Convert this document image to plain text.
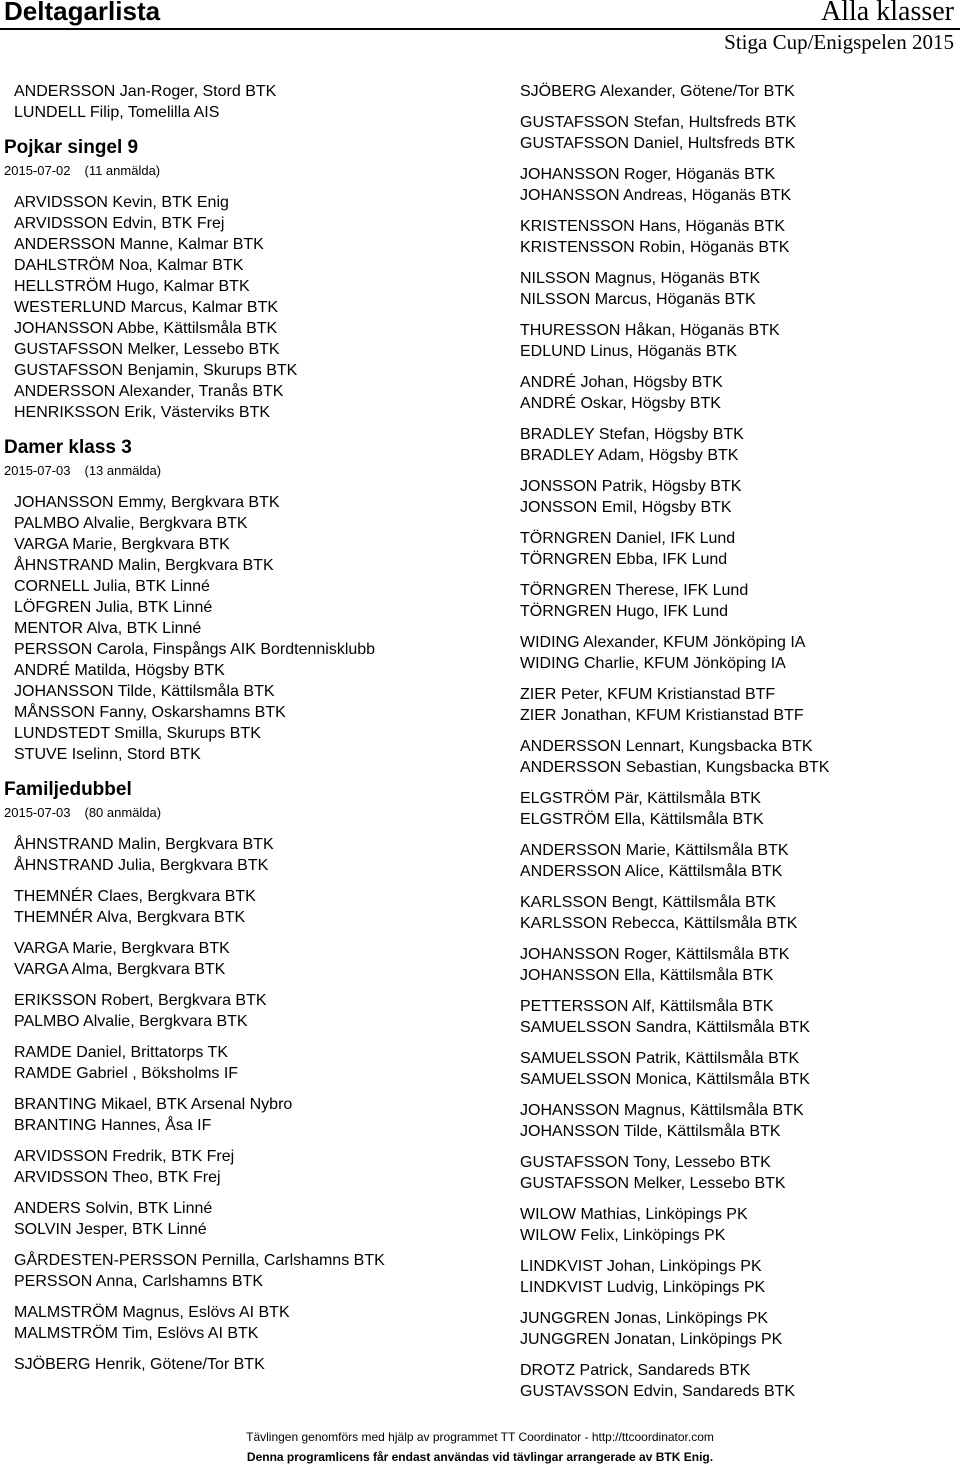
Deltagarlista	Alla klasser
Stiga Cup/Enigspelen 2015
ANDERSSON Jan-Roger, Stord BTK
LUNDELL Filip, Tomelilla AIS
Pojkar singel 9
2015-07-02 (11 anmälda)
ARVIDSSON Kevin, BTK Enig
ARVIDSSON Edvin, BTK Frej
ANDERSSON Manne, Kalmar BTK
DAHLSTRÖM Noa, Kalmar BTK
HELLSTRÖM Hugo, Kalmar BTK
WESTERLUND Marcus, Kalmar BTK
JOHANSSON Abbe, Kättilsmåla BTK
GUSTAFSSON Melker, Lessebo BTK
GUSTAFSSON Benjamin, Skurups BTK
ANDERSSON Alexander, Tranås BTK
HENRIKSSON Erik, Västerviks BTK
Damer klass 3
2015-07-03 (13 anmälda)
JOHANSSON Emmy, Bergkvara BTK
PALMBO Alvalie, Bergkvara BTK
VARGA Marie, Bergkvara BTK
ÅHNSTRAND Malin, Bergkvara BTK
CORNELL Julia, BTK Linné
LÖFGREN Julia, BTK Linné
MENTOR Alva, BTK Linné
PERSSON Carola, Finspångs AIK Bordtennisklubb
ANDRÉ Matilda, Högsby BTK
JOHANSSON Tilde, Kättilsmåla BTK
MÅNSSON Fanny, Oskarshamns BTK
LUNDSTEDT Smilla, Skurups BTK
STUVE Iselinn, Stord BTK
Familjedubbel
2015-07-03 (80 anmälda)
ÅHNSTRAND Malin, Bergkvara BTK
ÅHNSTRAND Julia, Bergkvara BTK
THEMNÉR Claes, Bergkvara BTK
THEMNÉR Alva, Bergkvara BTK
VARGA Marie, Bergkvara BTK
VARGA Alma, Bergkvara BTK
ERIKSSON Robert, Bergkvara BTK
PALMBO Alvalie, Bergkvara BTK
RAMDE Daniel, Brittatorps TK
RAMDE Gabriel , Böksholms IF
BRANTING Mikael, BTK Arsenal Nybro
BRANTING Hannes, Åsa IF
ARVIDSSON Fredrik, BTK Frej
ARVIDSSON Theo, BTK Frej
ANDERS Solvin, BTK Linné
SOLVIN Jesper, BTK Linné
GÅRDESTEN-PERSSON Pernilla, Carlshamns BTK
PERSSON Anna, Carlshamns BTK
MALMSTRÖM Magnus, Eslövs AI BTK
MALMSTRÖM Tim, Eslövs AI BTK
SJÖBERG Henrik, Götene/Tor BTK
SJÖBERG Alexander, Götene/Tor BTK
GUSTAFSSON Stefan, Hultsfreds BTK
GUSTAFSSON Daniel, Hultsfreds BTK
JOHANSSON Roger, Höganäs BTK
JOHANSSON Andreas, Höganäs BTK
KRISTENSSON Hans, Höganäs BTK
KRISTENSSON Robin, Höganäs BTK
NILSSON Magnus, Höganäs BTK
NILSSON Marcus, Höganäs BTK
THURESSON Håkan, Höganäs BTK
EDLUND Linus, Höganäs BTK
ANDRÉ Johan, Högsby BTK
ANDRÉ Oskar, Högsby BTK
BRADLEY Stefan, Högsby BTK
BRADLEY Adam, Högsby BTK
JONSSON Patrik, Högsby BTK
JONSSON Emil, Högsby BTK
TÖRNGREN Daniel, IFK Lund
TÖRNGREN Ebba, IFK Lund
TÖRNGREN Therese, IFK Lund
TÖRNGREN Hugo, IFK Lund
WIDING Alexander, KFUM Jönköping IA
WIDING Charlie, KFUM Jönköping IA
ZIER Peter, KFUM Kristianstad BTF
ZIER Jonathan, KFUM Kristianstad BTF
ANDERSSON Lennart, Kungsbacka BTK
ANDERSSON Sebastian, Kungsbacka BTK
ELGSTRÖM Pär, Kättilsmåla BTK
ELGSTRÖM Ella, Kättilsmåla BTK
ANDERSSON Marie, Kättilsmåla BTK
ANDERSSON Alice, Kättilsmåla BTK
KARLSSON Bengt, Kättilsmåla BTK
KARLSSON Rebecca, Kättilsmåla BTK
JOHANSSON Roger, Kättilsmåla BTK
JOHANSSON Ella, Kättilsmåla BTK
PETTERSSON Alf, Kättilsmåla BTK
SAMUELSSON Sandra, Kättilsmåla BTK
SAMUELSSON Patrik, Kättilsmåla BTK
SAMUELSSON Monica, Kättilsmåla BTK
JOHANSSON Magnus, Kättilsmåla BTK
JOHANSSON Tilde, Kättilsmåla BTK
GUSTAFSSON Tony, Lessebo BTK
GUSTAFSSON Melker, Lessebo BTK
WILOW Mathias, Linköpings PK
WILOW Felix, Linköpings PK
LINDKVIST Johan, Linköpings PK
LINDKVIST Ludvig, Linköpings PK
JUNGGREN Jonas, Linköpings PK
JUNGGREN Jonatan, Linköpings PK
DROTZ Patrick, Sandareds BTK
GUSTAVSSON Edvin, Sandareds BTK
Tävlingen genomförs med hjälp av programmet TT Coordinator - http://ttcoordinator.com
Denna programlicens får endast användas vid tävlingar arrangerade av BTK Enig.
